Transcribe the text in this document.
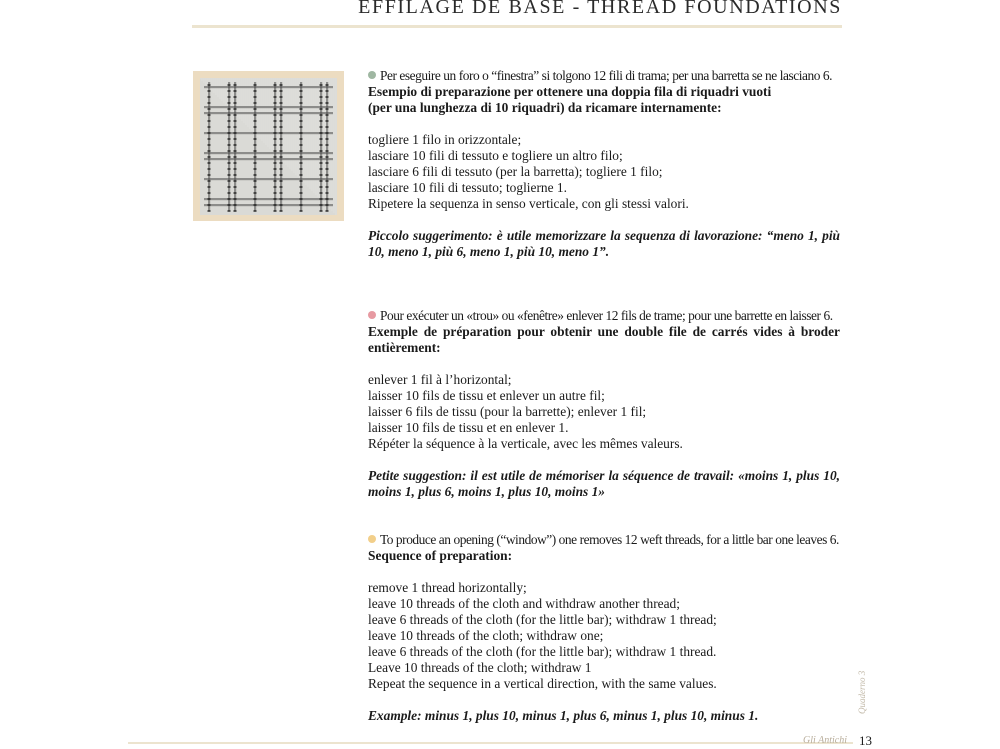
EFFILAGE DE BASE - THREAD FOUNDATIONS

Per eseguire un foro o “finestra” si tolgono 12 fili di trama; per una barretta se ne lasciano 6.

Esempio di preparazione per ottenere una doppia fila di riquadri vuoti

(per una lunghezza di 10 riquadri) da ricamare internamente:

togliere 1 filo in orizzontale;

lasciare 10 fili di tessuto e togliere un altro filo;

lasciare 6 fili di tessuto (per la barretta); togliere 1 filo;

lasciare 10 fili di tessuto; toglierne 1.

Ripetere la sequenza in senso verticale, con gli stessi valori.

Piccolo suggerimento: è utile memorizzare la sequenza di lavorazione: “meno 1, più 10, meno 1, più 6, meno 1, più 10, meno 1”.

Pour exécuter un «trou» ou «fenêtre» enlever 12 fils de trame; pour une barrette en laisser 6.

Exemple de préparation pour obtenir une double file de carrés vides à broder entièrement:

enlever 1 fil à l’horizontal;

laisser 10 fils de tissu et enlever un autre fil;

laisser 6 fils de tissu (pour la barrette); enlever 1 fil;

laisser 10 fils de tissu et en enlever 1.

Répéter la séquence à la verticale, avec les mêmes valeurs.

Petite suggestion: il est utile de mémoriser la séquence de travail: «moins 1, plus 10, moins 1, plus 6, moins 1, plus 10, moins 1»

To produce an opening (“window”) one removes 12 weft threads, for a little bar one leaves 6.

Sequence of preparation:

remove 1 thread horizontally;

leave 10 threads of the cloth and withdraw another thread;

leave 6 threads of the cloth (for the little bar); withdraw 1 thread;

leave 10 threads of the cloth; withdraw one;

leave 6 threads of the cloth (for the little bar); withdraw 1 thread.

Leave 10 threads of the cloth; withdraw 1

Repeat the sequence in a vertical direction, with the same values.

Example: minus 1, plus 10, minus 1, plus 6, minus 1, plus 10, minus 1.

Quaderno 3
Gli Antichi 13
